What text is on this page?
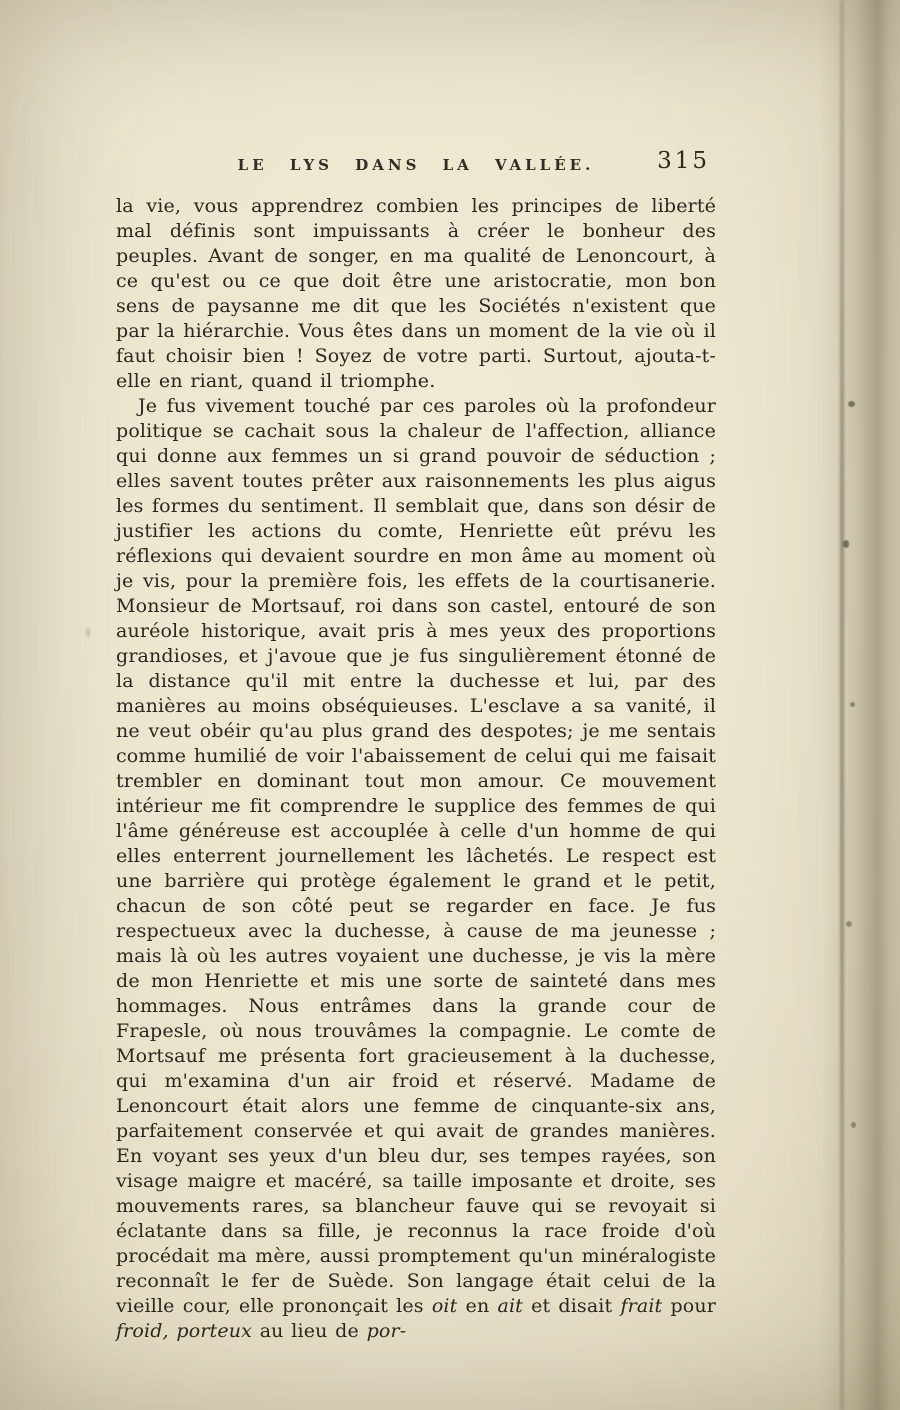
LE LYS DANS LA VALLÉE.	315

la vie, vous apprendrez combien les principes de liberté mal définis sont impuissants à créer le bonheur des peuples. Avant de songer, en ma qualité de Lenoncourt, à ce qu'est ou ce que doit être une aristocratie, mon bon sens de paysanne me dit que les Sociétés n'existent que par la hiérarchie. Vous êtes dans un moment de la vie où il faut choisir bien ! Soyez de votre parti. Surtout, ajouta-t-elle en riant, quand il triomphe.

Je fus vivement touché par ces paroles où la profondeur politique se cachait sous la chaleur de l'affection, alliance qui donne aux femmes un si grand pouvoir de séduction ; elles savent toutes prêter aux raisonnements les plus aigus les formes du sentiment. Il semblait que, dans son désir de justifier les actions du comte, Henriette eût prévu les réflexions qui devaient sourdre en mon âme au moment où je vis, pour la première fois, les effets de la courtisanerie. Monsieur de Mortsauf, roi dans son castel, entouré de son auréole historique, avait pris à mes yeux des proportions grandioses, et j'avoue que je fus singulièrement étonné de la distance qu'il mit entre la duchesse et lui, par des manières au moins obséquieuses. L'esclave a sa vanité, il ne veut obéir qu'au plus grand des despotes; je me sentais comme humilié de voir l'abaissement de celui qui me faisait trembler en dominant tout mon amour. Ce mouvement intérieur me fit comprendre le supplice des femmes de qui l'âme généreuse est accouplée à celle d'un homme de qui elles enterrent journellement les lâchetés. Le respect est une barrière qui protège également le grand et le petit, chacun de son côté peut se regarder en face. Je fus respectueux avec la duchesse, à cause de ma jeunesse ; mais là où les autres voyaient une duchesse, je vis la mère de mon Henriette et mis une sorte de sainteté dans mes hommages. Nous entrâmes dans la grande cour de Frapesle, où nous trouvâmes la compagnie. Le comte de Mortsauf me présenta fort gracieusement à la duchesse, qui m'examina d'un air froid et réservé. Madame de Lenoncourt était alors une femme de cinquante-six ans, parfaitement conservée et qui avait de grandes manières. En voyant ses yeux d'un bleu dur, ses tempes rayées, son visage maigre et macéré, sa taille imposante et droite, ses mouvements rares, sa blancheur fauve qui se revoyait si éclatante dans sa fille, je reconnus la race froide d'où procédait ma mère, aussi promptement qu'un minéralogiste reconnaît le fer de Suède. Son langage était celui de la vieille cour, elle prononçait les oit en ait et disait frait pour froid, porteux au lieu de por-
